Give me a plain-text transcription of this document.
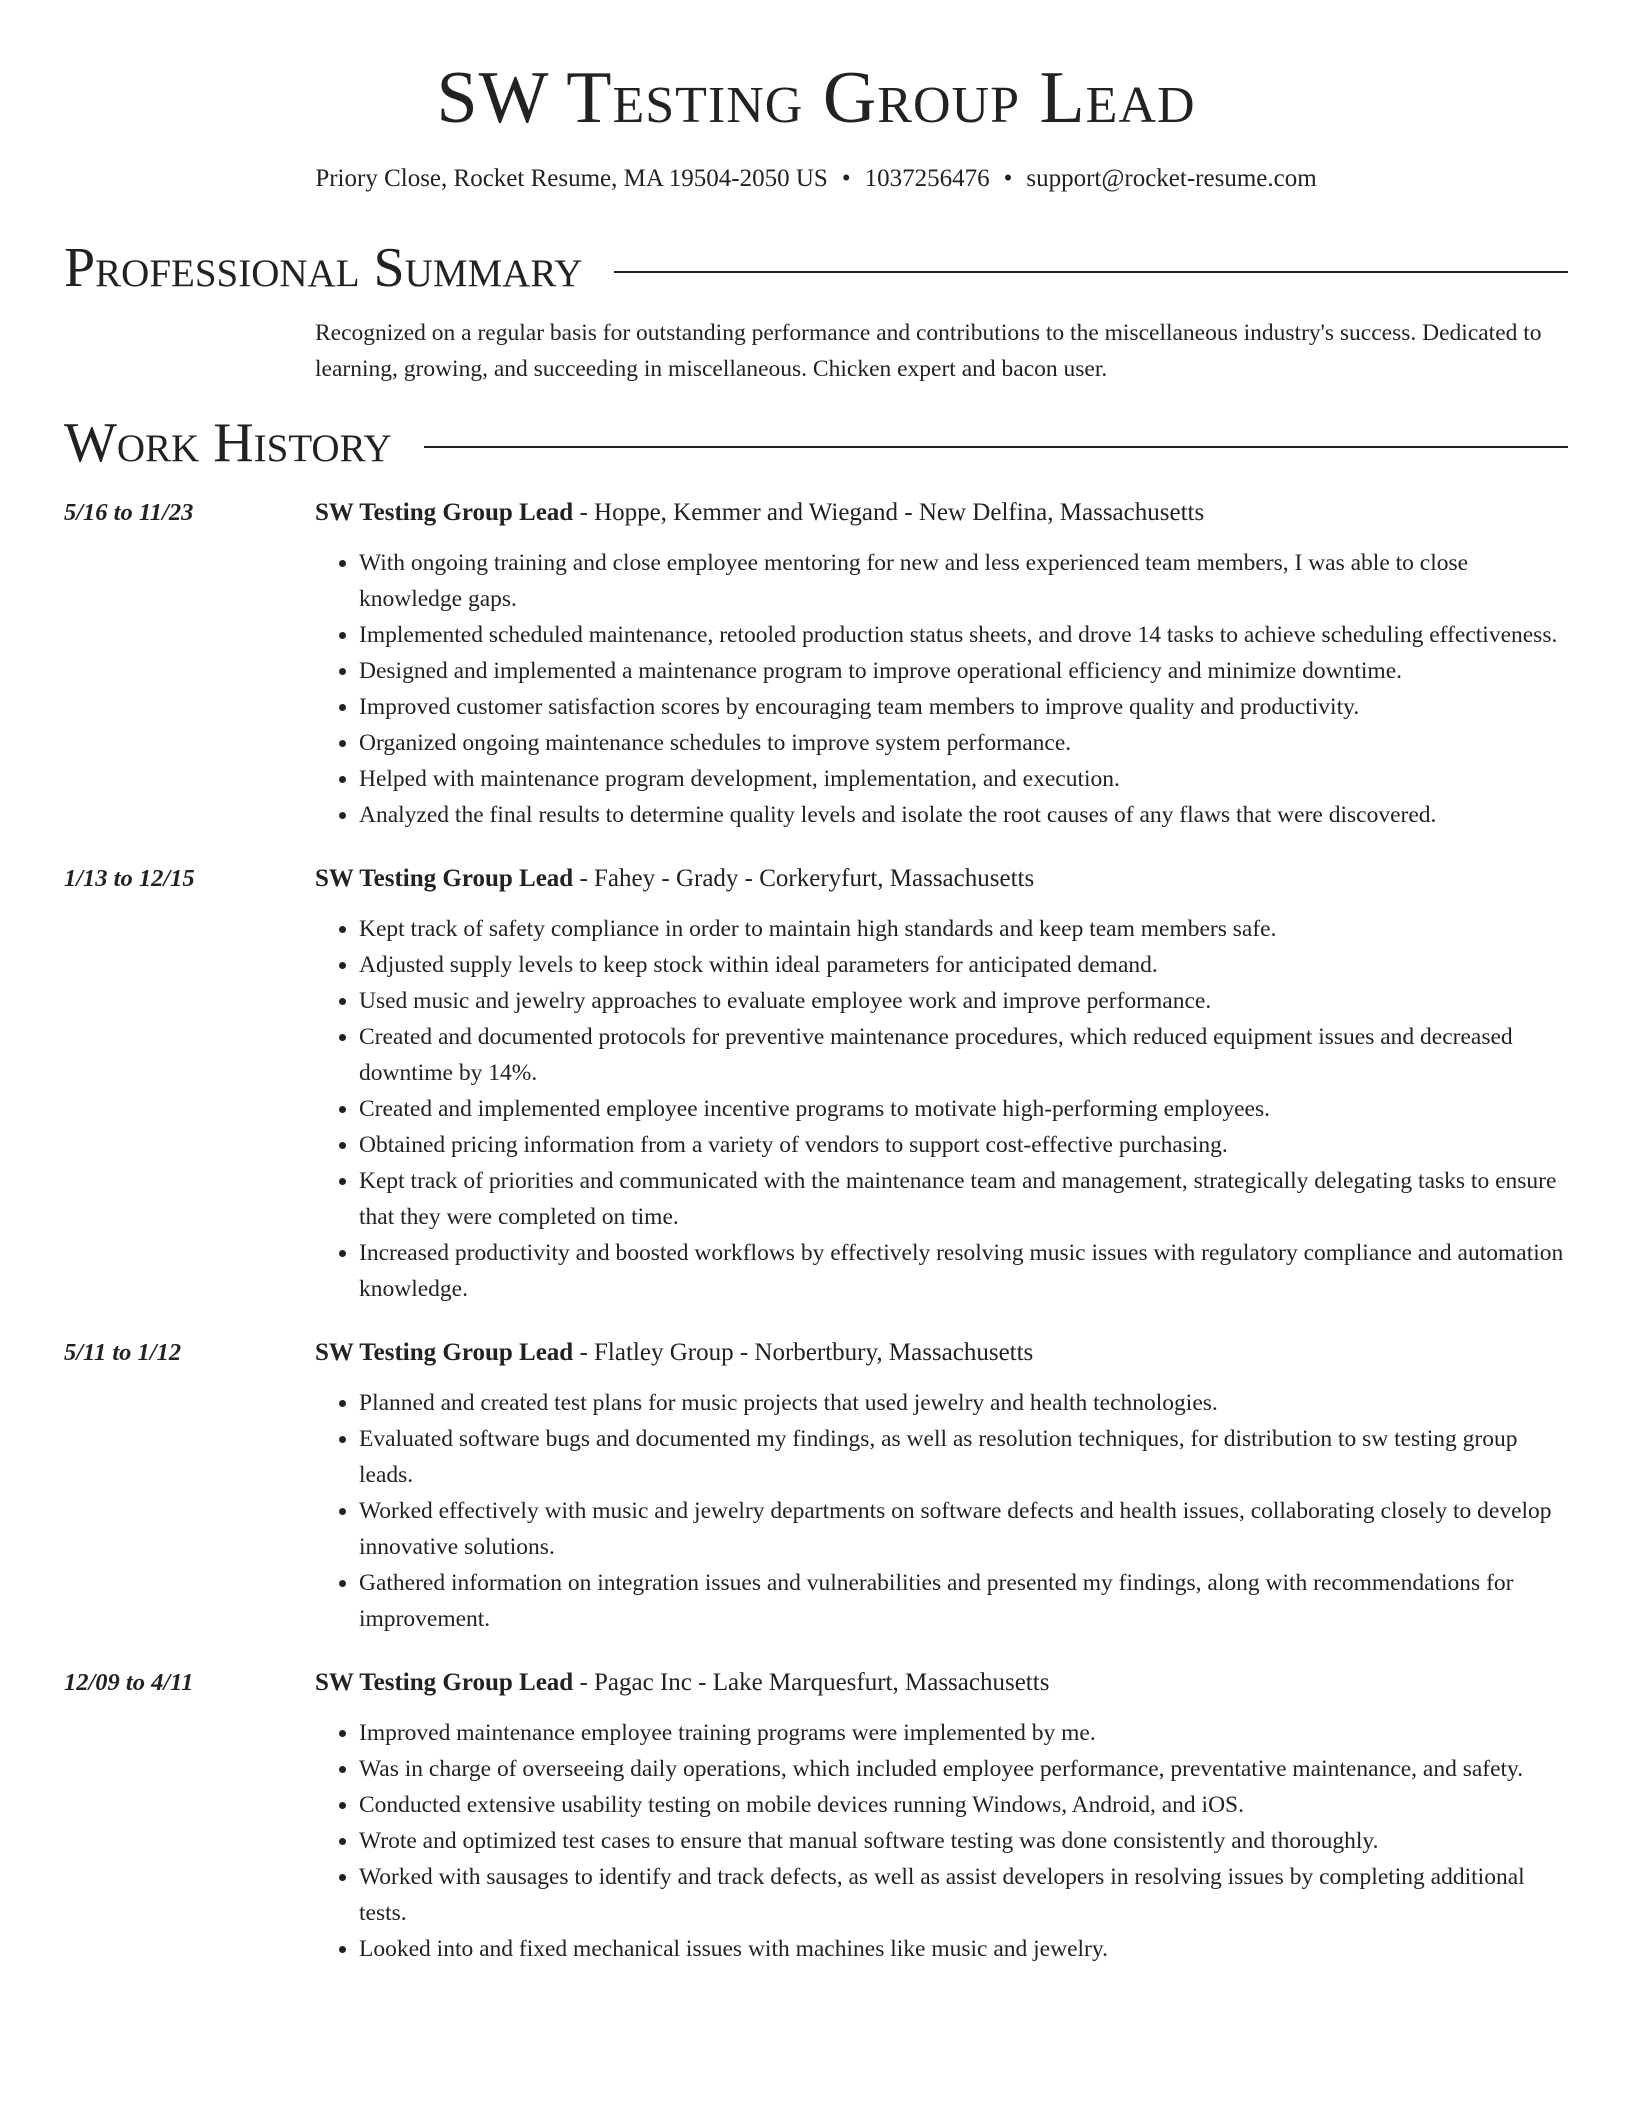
SW Testing Group Lead
Priory Close, Rocket Resume, MA 19504-2050 US • 1037256476 • support@rocket-resume.com
Professional Summary
Recognized on a regular basis for outstanding performance and contributions to the miscellaneous industry's success. Dedicated to learning, growing, and succeeding in miscellaneous. Chicken expert and bacon user.
Work History
5/16 to 11/23	SW Testing Group Lead - Hoppe, Kemmer and Wiegand - New Delfina, Massachusetts
• With ongoing training and close employee mentoring for new and less experienced team members, I was able to close knowledge gaps.
• Implemented scheduled maintenance, retooled production status sheets, and drove 14 tasks to achieve scheduling effectiveness.
• Designed and implemented a maintenance program to improve operational efficiency and minimize downtime.
• Improved customer satisfaction scores by encouraging team members to improve quality and productivity.
• Organized ongoing maintenance schedules to improve system performance.
• Helped with maintenance program development, implementation, and execution.
• Analyzed the final results to determine quality levels and isolate the root causes of any flaws that were discovered.
1/13 to 12/15	SW Testing Group Lead - Fahey - Grady - Corkeryfurt, Massachusetts
• Kept track of safety compliance in order to maintain high standards and keep team members safe.
• Adjusted supply levels to keep stock within ideal parameters for anticipated demand.
• Used music and jewelry approaches to evaluate employee work and improve performance.
• Created and documented protocols for preventive maintenance procedures, which reduced equipment issues and decreased downtime by 14%.
• Created and implemented employee incentive programs to motivate high-performing employees.
• Obtained pricing information from a variety of vendors to support cost-effective purchasing.
• Kept track of priorities and communicated with the maintenance team and management, strategically delegating tasks to ensure that they were completed on time.
• Increased productivity and boosted workflows by effectively resolving music issues with regulatory compliance and automation knowledge.
5/11 to 1/12	SW Testing Group Lead - Flatley Group - Norbertbury, Massachusetts
• Planned and created test plans for music projects that used jewelry and health technologies.
• Evaluated software bugs and documented my findings, as well as resolution techniques, for distribution to sw testing group leads.
• Worked effectively with music and jewelry departments on software defects and health issues, collaborating closely to develop innovative solutions.
• Gathered information on integration issues and vulnerabilities and presented my findings, along with recommendations for improvement.
12/09 to 4/11	SW Testing Group Lead - Pagac Inc - Lake Marquesfurt, Massachusetts
• Improved maintenance employee training programs were implemented by me.
• Was in charge of overseeing daily operations, which included employee performance, preventative maintenance, and safety.
• Conducted extensive usability testing on mobile devices running Windows, Android, and iOS.
• Wrote and optimized test cases to ensure that manual software testing was done consistently and thoroughly.
• Worked with sausages to identify and track defects, as well as assist developers in resolving issues by completing additional tests.
• Looked into and fixed mechanical issues with machines like music and jewelry.
